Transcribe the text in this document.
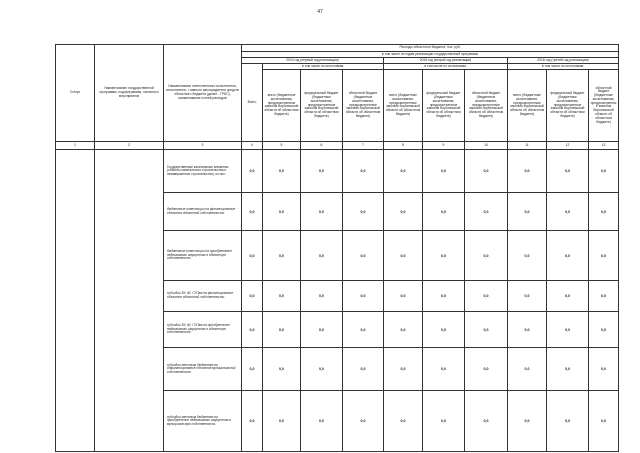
47
Статус	Наименование государственной программы, подпрограммы, основного мероприятия	Наименование ответственного исполнителя, исполнителя - главного распорядителя средств областного бюджета (далее - ГРБС), наименование статей расходов	Расходы областного бюджета, тыс. руб.									
			в том числе по годам реализации государственной программы									
			2014 год (первый год реализации)				2015 год (второй год реализации)			2016 год (третий год реализации)		
			Всего	в том числе по источникам:			в том числе по источникам:			в том числе по источникам:		
				всего (бюджетные ассигнования, предусмотренные законом Воронежской области об областном бюджете)	федеральный бюджет (бюджетные ассигнования, предусмотренные законом Воронежской области об областном бюджете)	областной бюджет (бюджетные ассигнования, предусмотренные законом Воронежской области об областном бюджете)	всего (бюджетные ассигнования, предусмотренные законом Воронежской области об областном бюджете)	федеральный бюджет (бюджетные ассигнования, предусмотренные законом Воронежской области об областном бюджете)	областной бюджет (бюджетные ассигнования, предусмотренные законом Воронежской области об областном бюджете)	всего (бюджетные ассигнования, предусмотренные законом Воронежской области об областном бюджете)	федеральный бюджет (бюджетные ассигнования, предусмотренные законом Воронежской области об областном бюджете)	областной бюджет (бюджетные ассигнования, предусмотренные законом Воронежской области об областном бюджете)
1	2	3	4	5	6	7	8	9	10	11	12	13
		Государственные капитальные вложения (объекты капитального строительства и незавершенное строительство), из них:	0,0	0,0	0,0	0,0	0,0	0,0	0,0	0,0	0,0	0,0
		бюджетные инвестиции на финансирование объектов областной собственности	0,0	0,0	0,0	0,0	0,0	0,0	0,0	0,0	0,0	0,0
		бюджетные инвестиции на приобретение недвижимого имущества в областную собственность	0,0	0,0	0,0	0,0	0,0	0,0	0,0	0,0	0,0	0,0
		субсидии БУ, АУ, ГУПам на финансирование объектов областной собственности	0,0	0,0	0,0	0,0	0,0	0,0	0,0	0,0	0,0	0,0
		субсидии БУ, АУ, ГУПам на приобретение недвижимого имущества в областную собственность	0,0	0,0	0,0	0,0	0,0	0,0	0,0	0,0	0,0	0,0
		субсидии местным бюджетам на софинансирование объектов муниципальной собственности	0,0	0,0	0,0	0,0	0,0	0,0	0,0	0,0	0,0	0,0
		субсидии местным бюджетам на приобретение недвижимого имущества в муниципальную собственность	0,0	0,0	0,0	0,0	0,0	0,0	0,0	0,0	0,0	0,0
